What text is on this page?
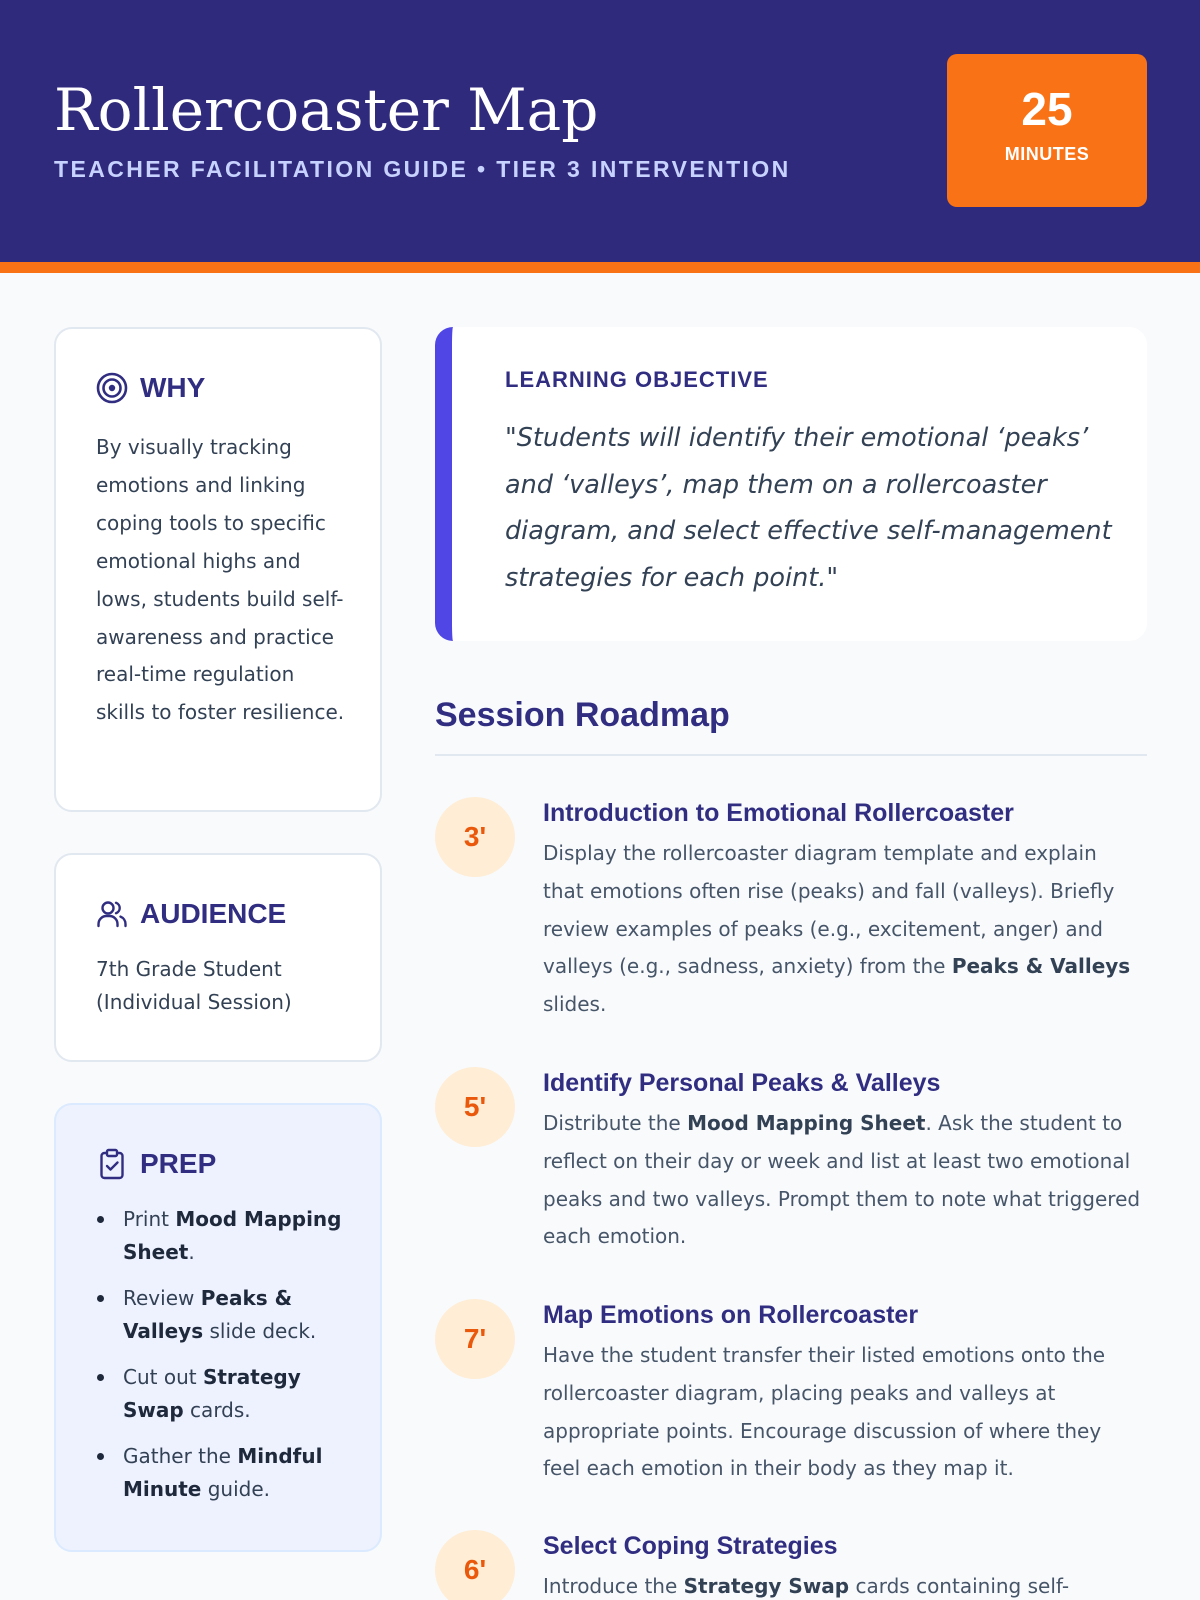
Rollercoaster Map
TEACHER FACILITATION GUIDE • TIER 3 INTERVENTION
25
MINUTES
WHY

By visually tracking emotions and linking coping tools to specific emotional highs and lows, students build self-awareness and practice real-time regulation skills to foster resilience.

AUDIENCE
7th Grade Student
(Individual Session)
PREP
Print Mood Mapping Sheet.
Review Peaks & Valleys slide deck.
Cut out Strategy Swap cards.
Gather the Mindful Minute guide.
LEARNING OBJECTIVE

"Students will identify their emotional ‘peaks’ and ‘valleys’, map them on a rollercoaster diagram, and select effective self-management strategies for each point."

Session Roadmap
3'
Introduction to Emotional Rollercoaster

Display the rollercoaster diagram template and explain that emotions often rise (peaks) and fall (valleys). Briefly review examples of peaks (e.g., excitement, anger) and valleys (e.g., sadness, anxiety) from the Peaks & Valleys slides.

5'
Identify Personal Peaks & Valleys

Distribute the Mood Mapping Sheet. Ask the student to reflect on their day or week and list at least two emotional peaks and two valleys. Prompt them to note what triggered each emotion.

7'
Map Emotions on Rollercoaster

Have the student transfer their listed emotions onto the rollercoaster diagram, placing peaks and valleys at appropriate points. Encourage discussion of where they feel each emotion in their body as they map it.

6'
Select Coping Strategies

Introduce the Strategy Swap cards containing self-
